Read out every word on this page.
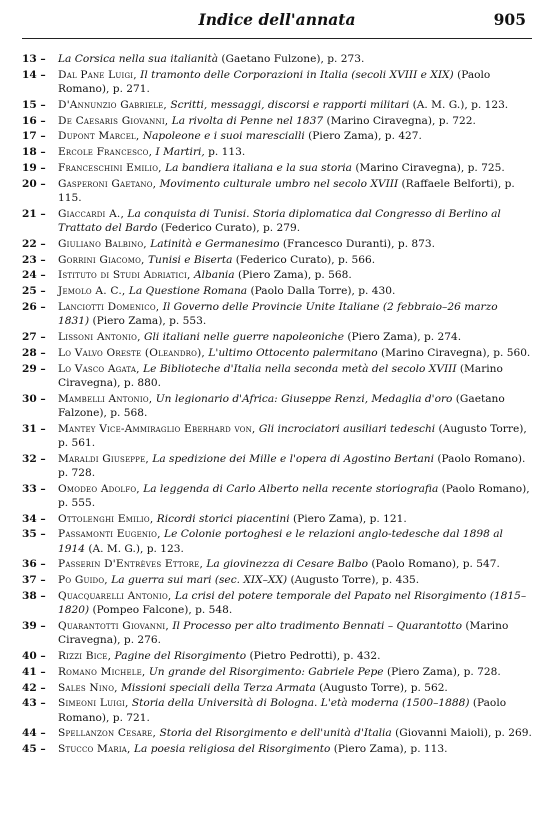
Indice dell'annata	905
13 – La Corsica nella sua italianità (Gaetano Fulzone), p. 273.
14 – Dal Pane Luigi, Il tramonto delle Corporazioni in Italia (secoli XVIII e XIX) (Paolo Romano), p. 271.
15 – D'Annunzio Gabriele, Scritti, messaggi, discorsi e rapporti militari (A. M. G.), p. 123.
16 – De Caesaris Giovanni, La rivolta di Penne nel 1837 (Marino Ciravegna), p. 722.
17 – Dupont Marcel, Napoleone e i suoi marescialli (Piero Zama), p. 427.
18 – Ercole Francesco, I Martiri, p. 113.
19 – Franceschini Emilio, La bandiera italiana e la sua storia (Marino Ciravegna), p. 725.
20 – Gasperoni Gaetano, Movimento culturale umbro nel secolo XVIII (Raffaele Belforti), p. 115.
21 – Giaccardi A., La conquista di Tunisi. Storia diplomatica dal Congresso di Berlino al Trattato del Bardo (Federico Curato), p. 279.
22 – Giuliano Balbino, Latinità e Germanesimo (Francesco Duranti), p. 873.
23 – Gorrini Giacomo, Tunisi e Biserta (Federico Curato), p. 566.
24 – Istituto di Studi Adriatici, Albania (Piero Zama), p. 568.
25 – Jemolo A. C., La Questione Romana (Paolo Dalla Torre), p. 430.
26 – Lanciotti Domenico, Il Governo delle Provincie Unite Italiane (2 febbraio–26 marzo 1831) (Piero Zama), p. 553.
27 – Lissoni Antonio, Gli italiani nelle guerre napoleoniche (Piero Zama), p. 274.
28 – Lo Valvo Oreste (Oleandro), L'ultimo Ottocento palermitano (Marino Ciravegna), p. 560.
29 – Lo Vasco Agata, Le Biblioteche d'Italia nella seconda metà del secolo XVIII (Marino Ciravegna), p. 880.
30 – Mambelli Antonio, Un legionario d'Africa: Giuseppe Renzi, Medaglia d'oro (Gaetano Falzone), p. 568.
31 – Mantey Vice-Ammiraglio Eberhard von, Gli incrociatori ausiliari tedeschi (Augusto Torre), p. 561.
32 – Maraldi Giuseppe, La spedizione dei Mille e l'opera di Agostino Bertani (Paolo Romano). p. 728.
33 – Omodeo Adolfo, La leggenda di Carlo Alberto nella recente storiografia (Paolo Romano), p. 555.
34 – Ottolenghi Emilio, Ricordi storici piacentini (Piero Zama), p. 121.
35 – Passamonti Eugenio, Le Colonie portoghesi e le relazioni anglo-tedesche dal 1898 al 1914 (A. M. G.), p. 123.
36 – Passerin D'Entrèves Ettore, La giovinezza di Cesare Balbo (Paolo Romano), p. 547.
37 – Po Guido, La guerra sui mari (sec. XIX–XX) (Augusto Torre), p. 435.
38 – Quacquarelli Antonio, La crisi del potere temporale del Papato nel Risorgimento (1815–1820) (Pompeo Falcone), p. 548.
39 – Quarantotti Giovanni, Il Processo per alto tradimento Bennati – Quarantotto (Marino Ciravegna), p. 276.
40 – Rizzi Bice, Pagine del Risorgimento (Pietro Pedrotti), p. 432.
41 – Romano Michele, Un grande del Risorgimento: Gabriele Pepe (Piero Zama), p. 728.
42 – Sales Nino, Missioni speciali della Terza Armata (Augusto Torre), p. 562.
43 – Simeoni Luigi, Storia della Università di Bologna. L'età moderna (1500–1888) (Paolo Romano), p. 721.
44 – Spellanzon Cesare, Storia del Risorgimento e dell'unità d'Italia (Giovanni Maioli), p. 269.
45 – Stucco Maria, La poesia religiosa del Risorgimento (Piero Zama), p. 113.
